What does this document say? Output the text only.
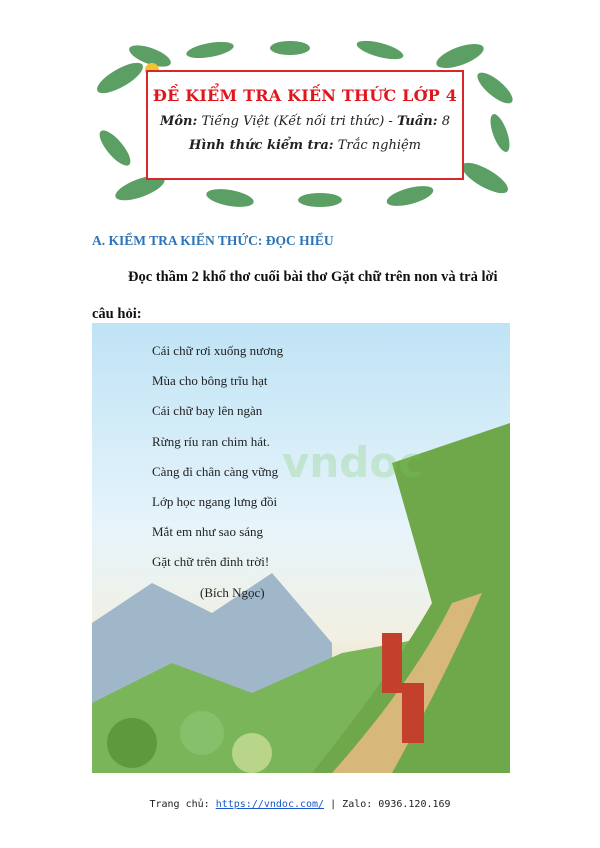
ĐỀ KIỂM TRA KIẾN THỨC LỚP 4
Môn: Tiếng Việt (Kết nối tri thức) - Tuần: 8
Hình thức kiểm tra: Trắc nghiệm
A. KIỂM TRA KIẾN THỨC: ĐỌC HIỂU
Đọc thầm 2 khổ thơ cuối bài thơ Gặt chữ trên non và trả lời câu hỏi:
vndoc
Cái chữ rơi xuống nương
Mùa cho bông trĩu hạt
Cái chữ bay lên ngàn
Rừng ríu ran chim hát.
Càng đi chân càng vững
Lớp học ngang lưng đồi
Mắt em như sao sáng
Gặt chữ trên đỉnh trời!
(Bích Ngọc)
Trang chủ: https://vndoc.com/ | Zalo: 0936.120.169
